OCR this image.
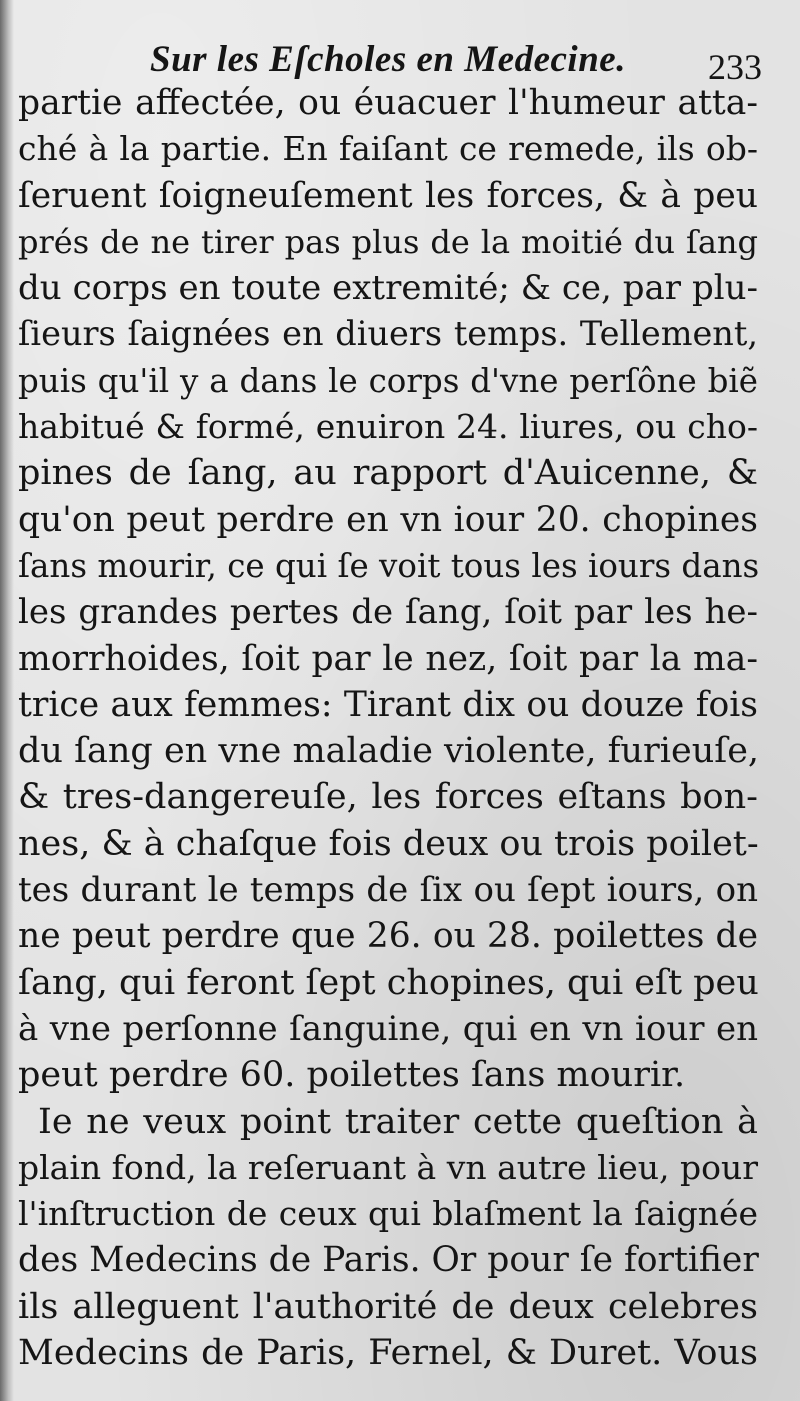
Sur les Eſcholes en Medecine. 233
partie affectée, ou éuacuer l'humeur atta-
ché à la partie. En faiſant ce remede, ils ob-
ſeruent ſoigneuſement les forces, & à peu
prés de ne tirer pas plus de la moitié du ſang
du corps en toute extremité; & ce, par plu-
ſieurs ſaignées en diuers temps. Tellement,
puis qu'il y a dans le corps d'vne perſône biẽ
habitué & formé, enuiron 24. liures, ou cho-
pines de ſang, au rapport d'Auicenne, &
qu'on peut perdre en vn iour 20. chopines
ſans mourir, ce qui ſe voit tous les iours dans
les grandes pertes de ſang, ſoit par les he-
morrhoides, ſoit par le nez, ſoit par la ma-
trice aux femmes: Tirant dix ou douze fois
du ſang en vne maladie violente, furieuſe,
& tres-dangereuſe, les forces eſtans bon-
nes, & à chaſque fois deux ou trois poilet-
tes durant le temps de ſix ou ſept iours, on
ne peut perdre que 26. ou 28. poilettes de
ſang, qui feront ſept chopines, qui eſt peu
à vne perſonne ſanguine, qui en vn iour en
peut perdre 60. poilettes ſans mourir.
Ie ne veux point traiter cette queſtion à
plain fond, la reſeruant à vn autre lieu, pour
l'inſtruction de ceux qui blaſment la ſaignée
des Medecins de Paris. Or pour ſe fortifier
ils alleguent l'authorité de deux celebres
Medecins de Paris, Fernel, & Duret. Vous
